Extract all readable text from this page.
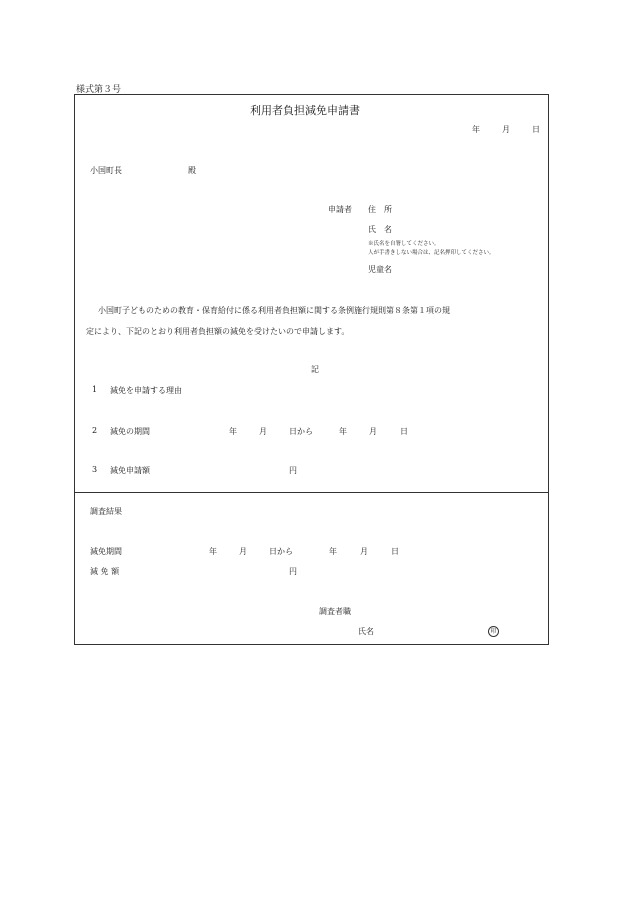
様式第３号
利用者負担減免申請書
年	月	日
小国町長	殿
申請者 住　所
氏　名
※氏名を自署してください。
人が手書きしない場合は、記名押印してください。
児童名
小国町子どものための教育・保育給付に係る利用者負担額に関する条例施行規則第８条第１項の規
定により、下記のとおり利用者負担額の減免を受けたいので申請します。
記
1 減免を申請する理由
2 減免の期間	年	月	日から	年	月	日
3 減免申請額	円
調査結果
減免期間	年	月	日から	年	月	日
減 免 額	円
調査者職
氏名	印
